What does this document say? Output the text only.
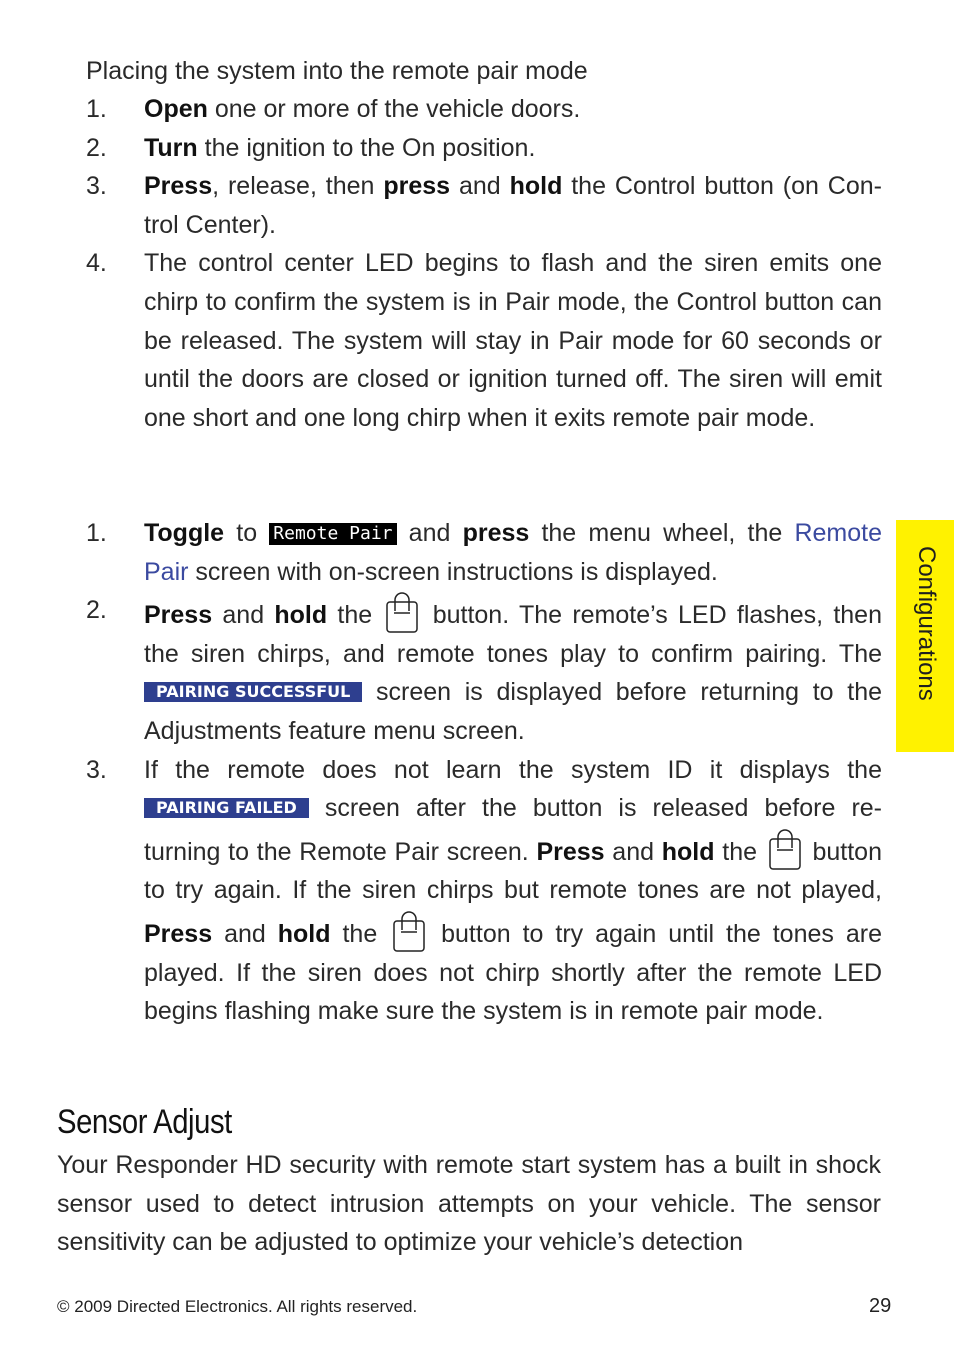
Placing the system into the remote pair mode
1. Open one or more of the vehicle doors.
2. Turn the ignition to the On position.
3. Press, release, then press and hold the Control button (on Con-trol Center).
4. The control center LED begins to flash and the siren emits one chirp to confirm the system is in Pair mode, the Control button can be released. The system will stay in Pair mode for 60 seconds or until the doors are closed or ignition turned off. The siren will emit one short and one long chirp when it exits remote pair mode.
1. Toggle to Remote Pair and press the menu wheel, the Remote Pair screen with on-screen instructions is displayed.
2. Press and hold the  button. The remote’s LED flashes, then the siren chirps, and remote tones play to confirm pairing. The PAIRING SUCCESSFUL screen is displayed before returning to the Adjustments feature menu screen.
3. If the remote does not learn the system ID it displays the PAIRING FAILED screen after the button is released before re-turning to the Remote Pair screen. Press and hold the  button to try again. If the siren chirps but remote tones are not played, Press and hold the  button to try again until the tones are played. If the siren does not chirp shortly after the remote LED begins flashing make sure the system is in remote pair mode.
Sensor Adjust
Your Responder HD security with remote start system has a built in shock sensor used to detect intrusion attempts on your vehicle. The sensor sensitivity can be adjusted to optimize your vehicle’s detection
Configurations
© 2009 Directed Electronics. All rights reserved.	29
